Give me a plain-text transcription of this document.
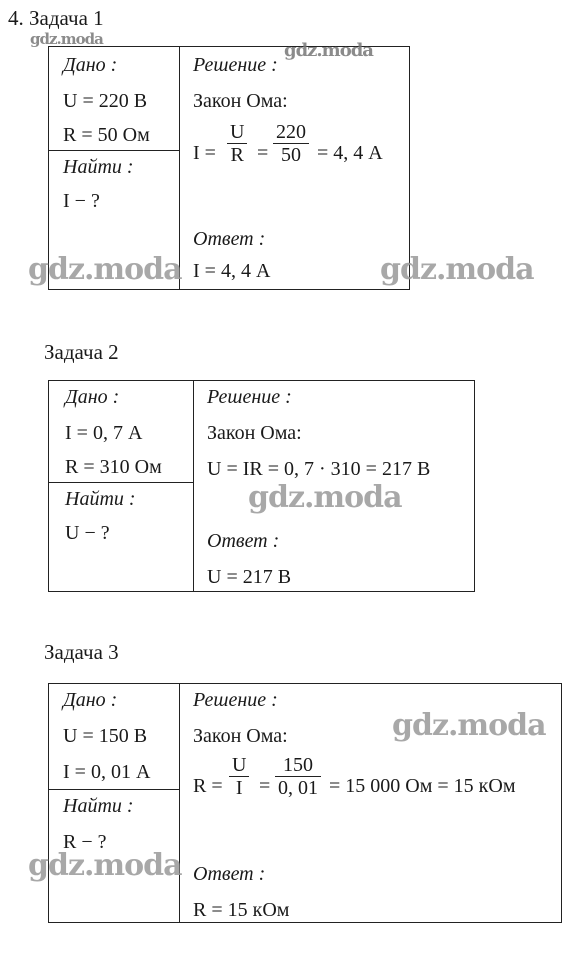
4. Задача 1
gdz.moda
Дано :
U = 220 В
R = 50 Ом
Найти :
I − ?
Решение :
Закон Ома:
$I = \frac{U}{R} = \frac{220}{50} = 4$, 4 А
Ответ :
I = 4, 4 А
gdz.moda
gdz.moda	gdz.moda
Задача 2
Дано :
I = 0, 7 А
R = 310 Ом
Найти :
U − ?
Решение :
Закон Ома:
U = IR = 0, 7 · 310 = 217 В
Ответ :
U = 217 В
gdz.moda
Задача 3
Дано :
U = 150 В
I = 0, 01 А
Найти :
R − ?
Решение :
Закон Ома:
$R = \frac{U}{I} = \frac{150}{0, 01} = 15$ 000 Ом = 15 кОм
Ответ :
R = 15 кОм
gdz.moda
gdz.moda
